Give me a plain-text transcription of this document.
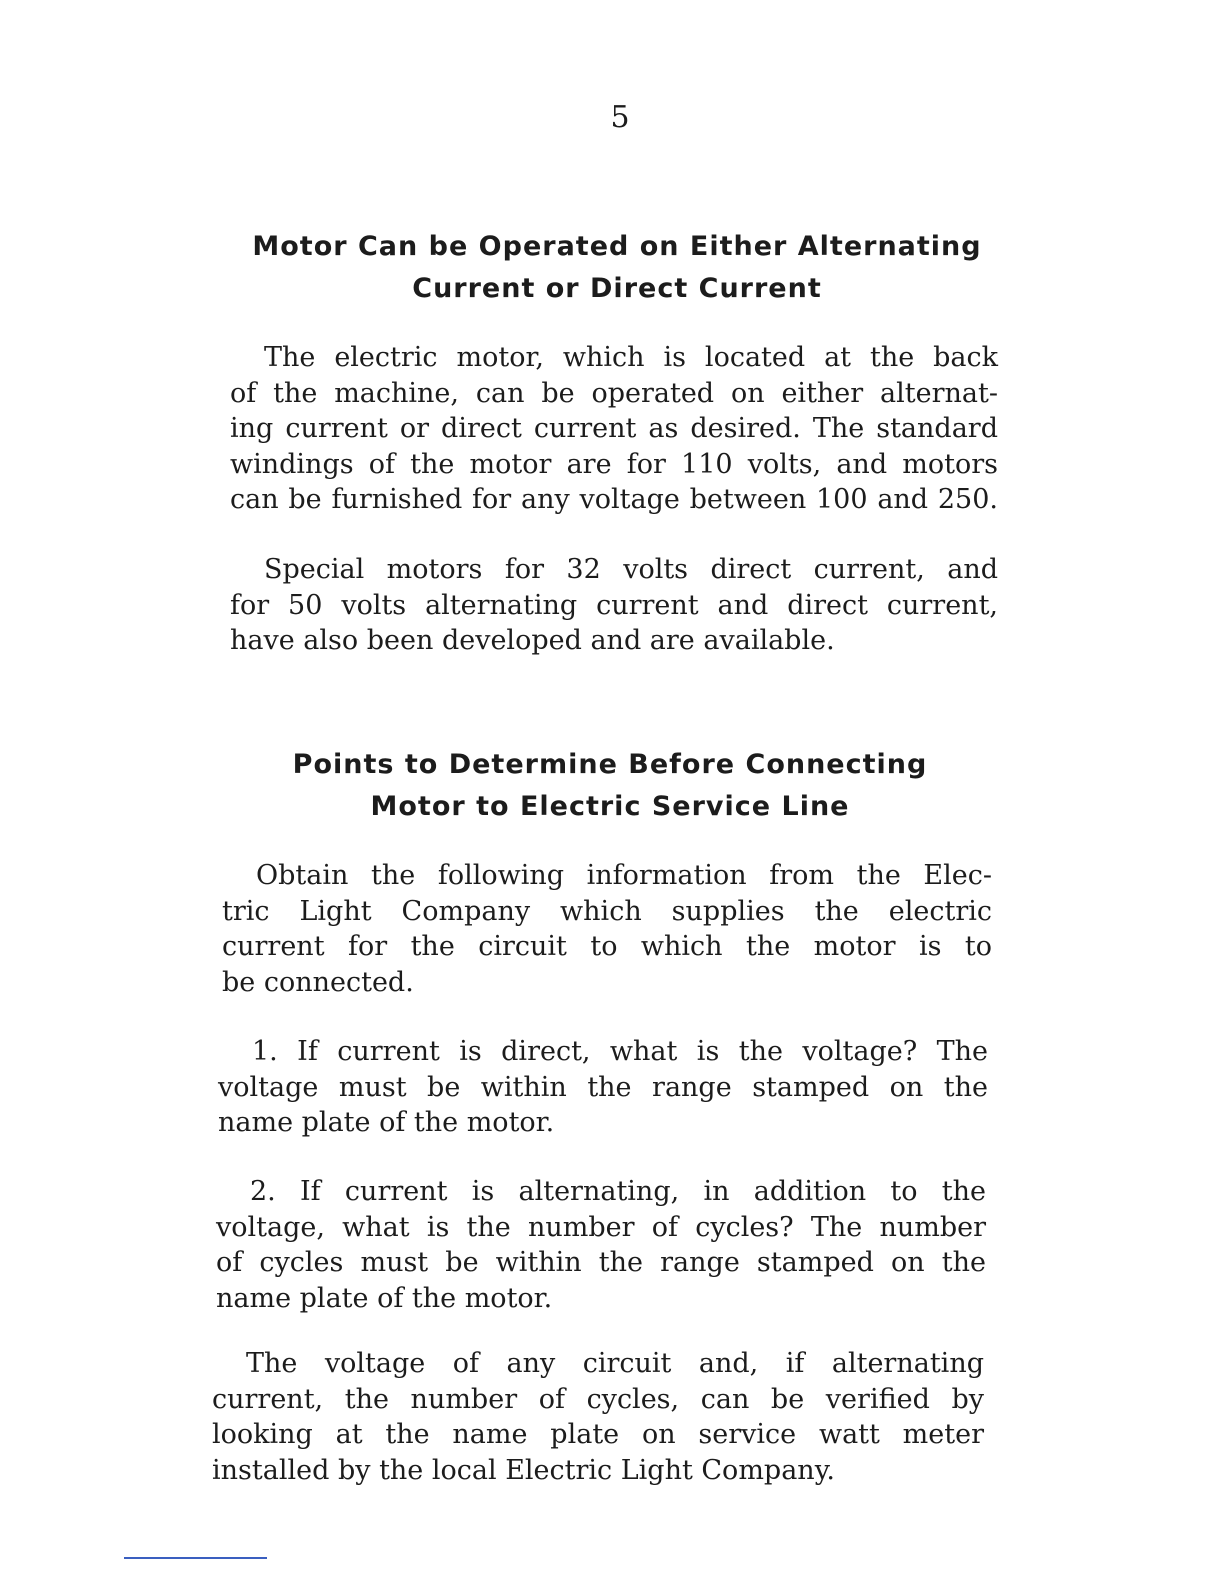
5
Motor Can be Operated on Either Alternating
Current or Direct Current
The electric motor, which is located at the back
of the machine, can be operated on either alternat-
ing current or direct current as desired. The standard
windings of the motor are for 110 volts, and motors
can be furnished for any voltage between 100 and 250.
Special motors for 32 volts direct current, and
for 50 volts alternating current and direct current,
have also been developed and are available.
Points to Determine Before Connecting
Motor to Electric Service Line
Obtain the following information from the Elec-
tric Light Company which supplies the electric
current for the circuit to which the motor is to
be connected.
1. If current is direct, what is the voltage? The
voltage must be within the range stamped on the
name plate of the motor.
2. If current is alternating, in addition to the
voltage, what is the number of cycles? The number
of cycles must be within the range stamped on the
name plate of the motor.
The voltage of any circuit and, if alternating
current, the number of cycles, can be verified by
looking at the name plate on service watt meter
installed by the local Electric Light Company.
